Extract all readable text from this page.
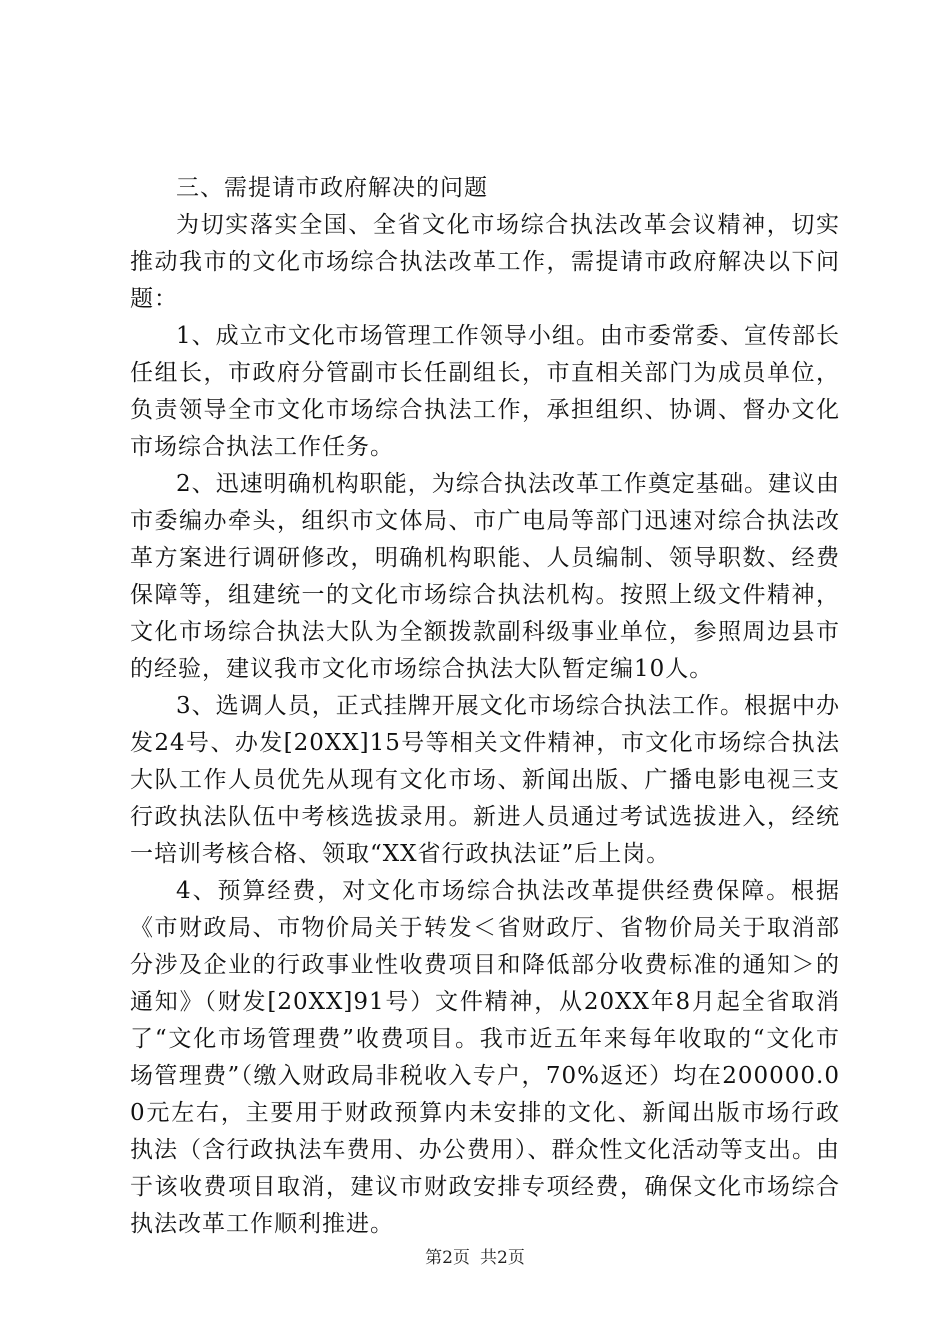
三、需提请市政府解决的问题

为切实落实全国、全省文化市场综合执法改革会议精神，切实推动我市的文化市场综合执法改革工作，需提请市政府解决以下问题：

1、成立市文化市场管理工作领导小组。由市委常委、宣传部长任组长，市政府分管副市长任副组长，市直相关部门为成员单位，负责领导全市文化市场综合执法工作，承担组织、协调、督办文化市场综合执法工作任务。

2、迅速明确机构职能，为综合执法改革工作奠定基础。建议由市委编办牵头，组织市文体局、市广电局等部门迅速对综合执法改革方案进行调研修改，明确机构职能、人员编制、领导职数、经费保障等，组建统一的文化市场综合执法机构。按照上级文件精神，文化市场综合执法大队为全额拨款副科级事业单位，参照周边县市的经验，建议我市文化市场综合执法大队暂定编10人。

3、选调人员，正式挂牌开展文化市场综合执法工作。根据中办发24号、办发[20XX]15号等相关文件精神，市文化市场综合执法大队工作人员优先从现有文化市场、新闻出版、广播电影电视三支行政执法队伍中考核选拔录用。新进人员通过考试选拔进入，经统一培训考核合格、领取“XX省行政执法证”后上岗。

4、预算经费，对文化市场综合执法改革提供经费保障。根据《市财政局、市物价局关于转发＜省财政厅、省物价局关于取消部分涉及企业的行政事业性收费项目和降低部分收费标准的通知＞的通知》（财发[20XX]91号）文件精神，从20XX年8月起全省取消了“文化市场管理费”收费项目。我市近五年来每年收取的“文化市场管理费”（缴入财政局非税收入专户，70%返还）均在200000.00元左右，主要用于财政预算内未安排的文化、新闻出版市场行政执法（含行政执法车费用、办公费用）、群众性文化活动等支出。由于该收费项目取消，建议市财政安排专项经费，确保文化市场综合执法改革工作顺利推进。

第2页 共2页
